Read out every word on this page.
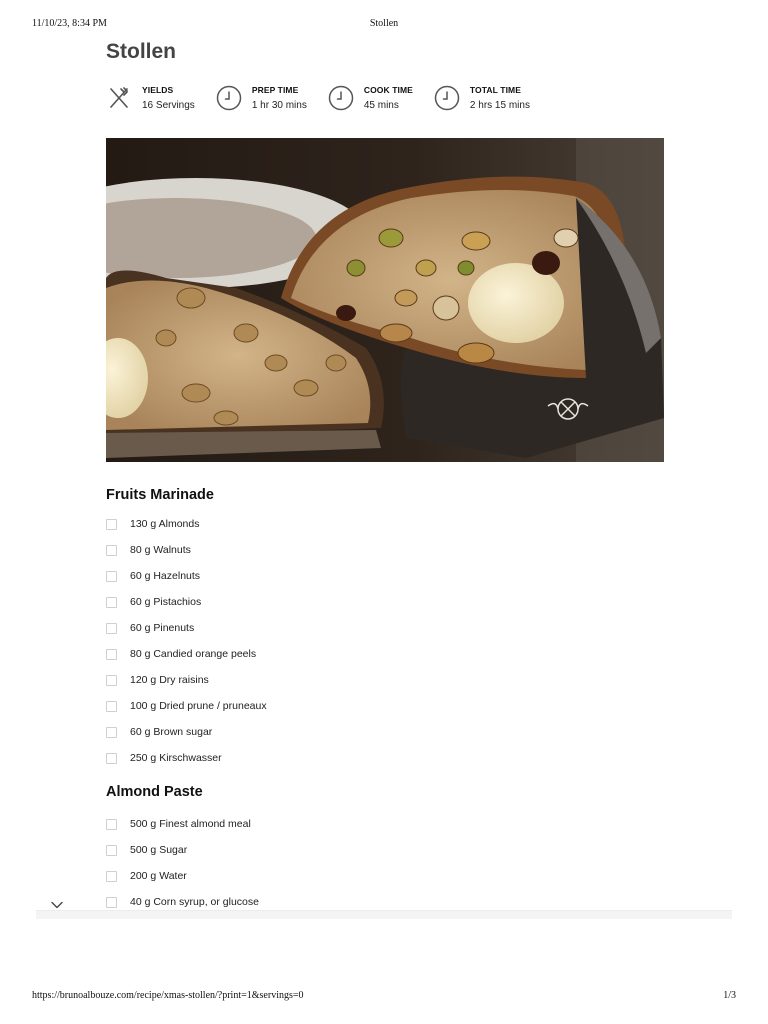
11/10/23, 8:34 PM	Stollen
Stollen
YIELDS
16 Servings
PREP TIME
1 hr 30 mins
COOK TIME
45 mins
TOTAL TIME
2 hrs 15 mins
Fruits Marinade
130 g Almonds
80 g Walnuts
60 g Hazelnuts
60 g Pistachios
60 g Pinenuts
80 g Candied orange peels
120 g Dry raisins
100 g Dried prune / pruneaux
60 g Brown sugar
250 g Kirschwasser
Almond Paste
500 g Finest almond meal
500 g Sugar
200 g Water
40 g Corn syrup, or glucose
https://brunoalbouze.com/recipe/xmas-stollen/?print=1&servings=0	1/3
